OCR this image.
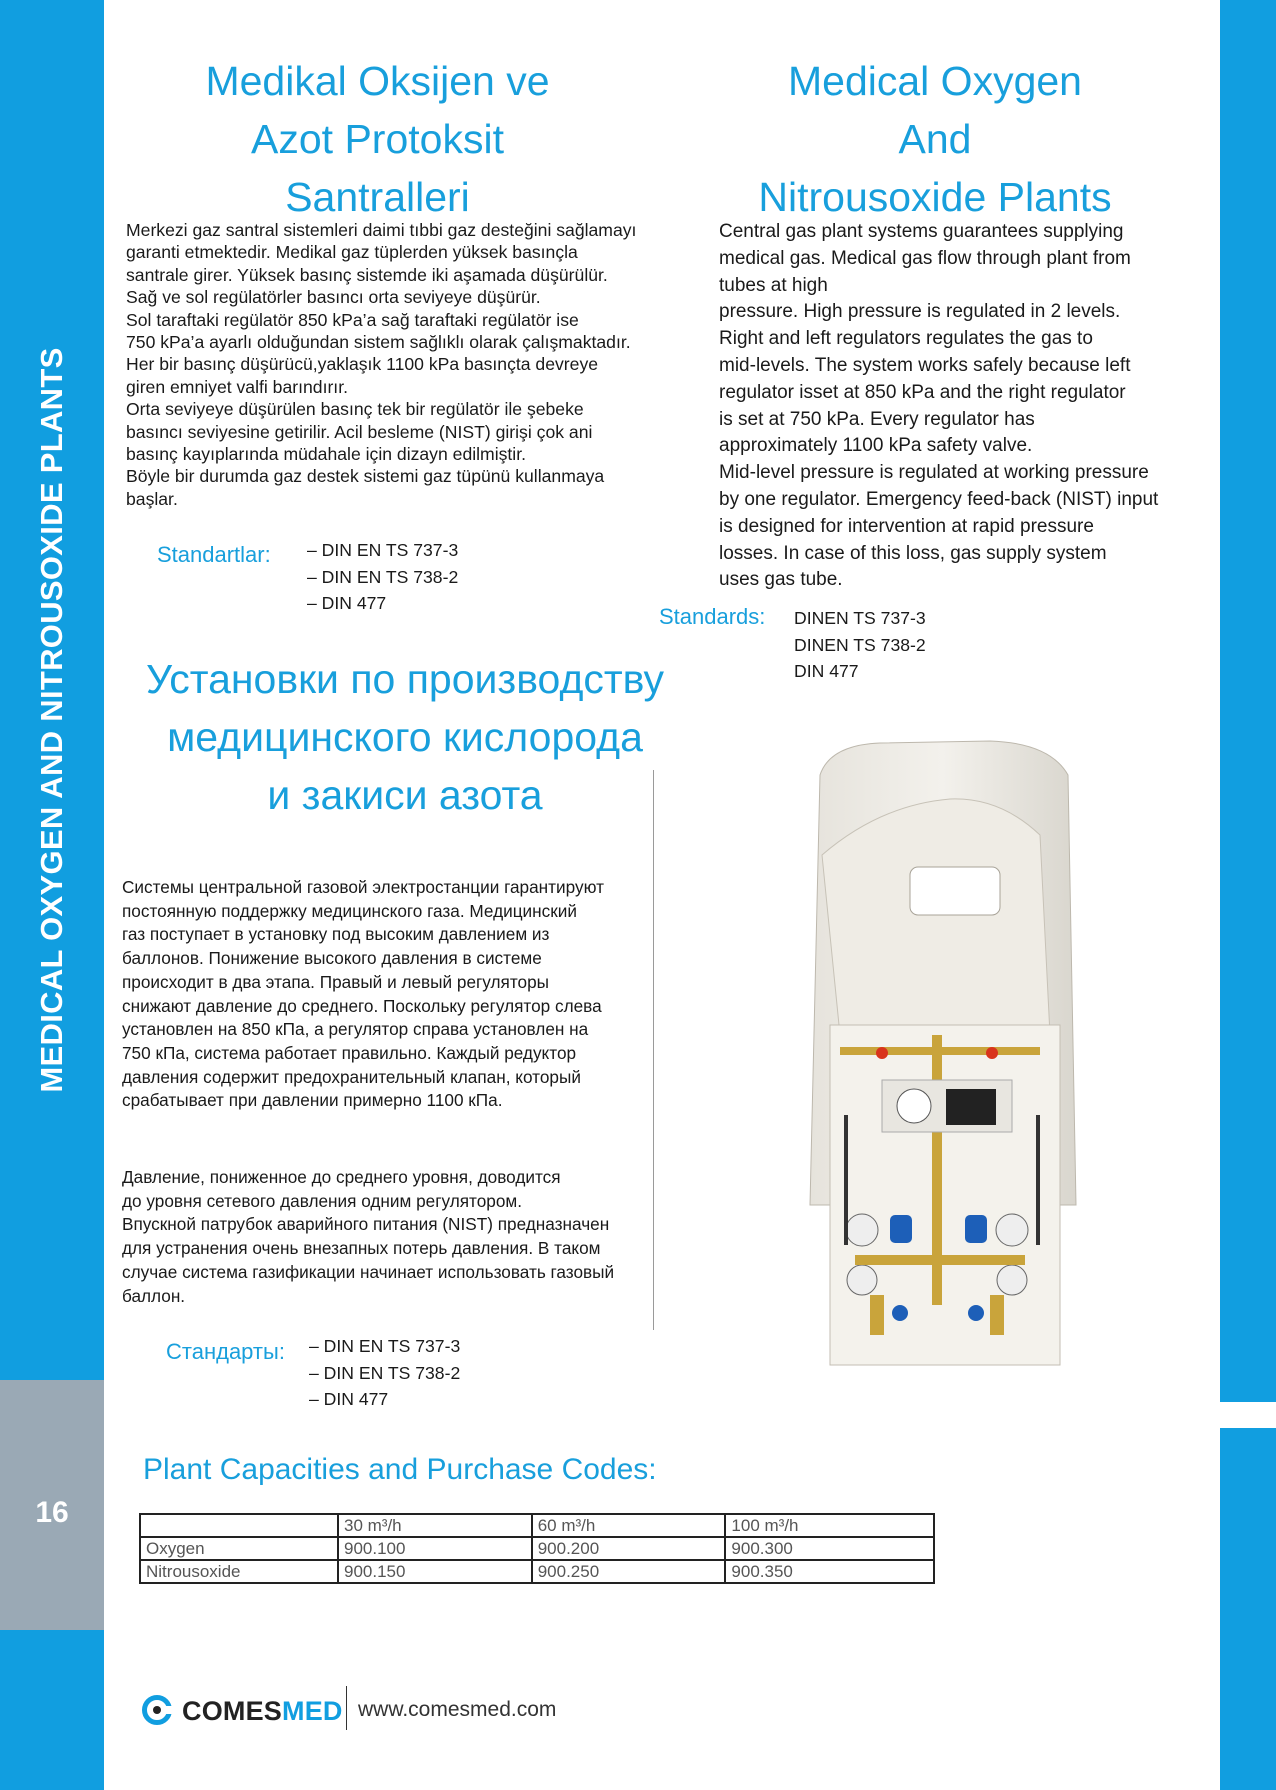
MEDICAL OXYGEN AND NITROUSOXIDE PLANTS
16
Medikal Oksijen ve
Azot Protoksit
Santralleri
Merkezi gaz santral sistemleri daimi tıbbi gaz desteğini sağlamayı
garanti etmektedir. Medikal gaz tüplerden yüksek basınçla
santrale girer. Yüksek basınç sistemde iki aşamada düşürülür.
Sağ ve sol regülatörler basıncı orta seviyeye düşürür.
Sol taraftaki regülatör 850 kPa’a sağ taraftaki regülatör ise
750 kPa’a ayarlı olduğundan sistem sağlıklı olarak çalışmaktadır.
Her bir basınç düşürücü,yaklaşık 1100 kPa basınçta devreye
giren emniyet valfi barındırır.
Orta seviyeye düşürülen basınç tek bir regülatör ile şebeke
basıncı seviyesine getirilir. Acil besleme (NIST) girişi çok ani
basınç kayıplarında müdahale için dizayn edilmiştir.
Böyle bir durumda gaz destek sistemi gaz tüpünü kullanmaya
başlar.
Standartlar: – DIN EN TS 737-3
– DIN EN TS 738-2
– DIN 477
Medical Oxygen
And
Nitrousoxide Plants
Central gas plant systems guarantees supplying
medical gas. Medical gas flow through plant from
tubes at high
pressure. High pressure is regulated in 2 levels.
Right and left regulators regulates the gas to
mid-levels. The system works safely because left
regulator isset at 850 kPa and the right regulator
is set at 750 kPa. Every regulator has
approximately 1100 kPa safety valve.
Mid-level pressure is regulated at working pressure
by one regulator. Emergency feed-back (NIST) input
is designed for intervention at rapid pressure
losses. In case of this loss, gas supply system
uses gas tube.
Standards: DINEN TS 737-3
DINEN TS 738-2
DIN 477
Установки по производству
медицинского кислорода
и закиси азота
Системы центральной газовой электростанции гарантируют
постоянную поддержку медицинского газа. Медицинский
газ поступает в установку под высоким давлением из
баллонов. Понижение высокого давления в системе
происходит в два этапа. Правый и левый регуляторы
снижают давление до среднего. Поскольку регулятор слева
установлен на 850 кПа, а регулятор справа установлен на
750 кПа, система работает правильно. Каждый редуктор
давления содержит предохранительный клапан, который
срабатывает при давлении примерно 1100 кПа.
Давление, пониженное до среднего уровня, доводится
до уровня сетевого давления одним регулятором.
Впускной патрубок аварийного питания (NIST) предназначен
для устранения очень внезапных потерь давления. В таком
случае система газификации начинает использовать газовый
баллон.
Стандарты: – DIN EN TS 737-3
– DIN EN TS 738-2
– DIN 477
Plant Capacities and Purchase Codes:
	30 m³/h	60 m³/h	100 m³/h
Oxygen	900.100	900.200	900.300
Nitrousoxide	900.150	900.250	900.350
COMESMED www.comesmed.com
